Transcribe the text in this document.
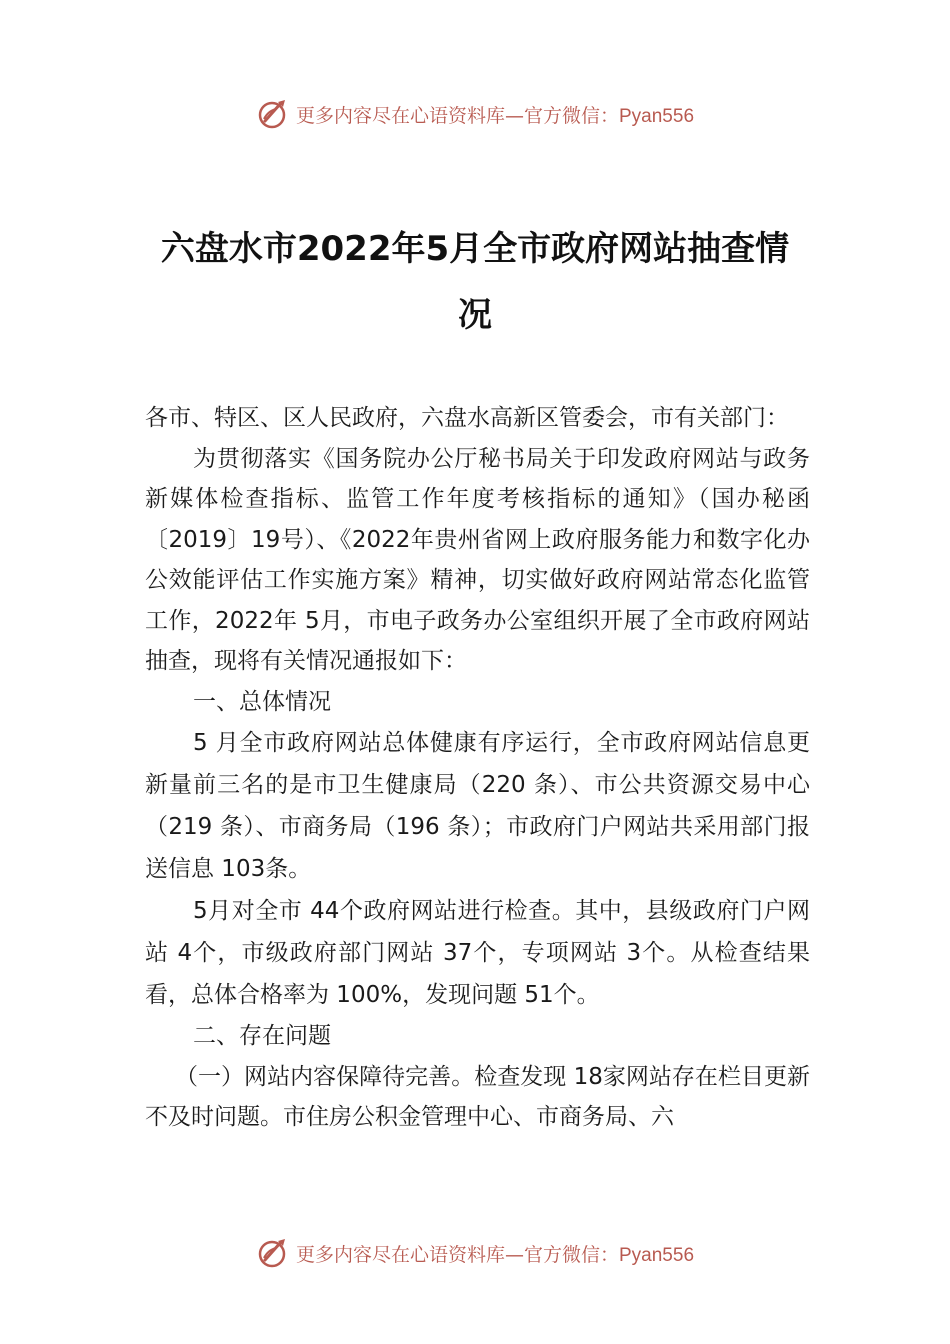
更多内容尽在心语资料库—官方微信：Pyan556
六盘水市2022年5月全市政府网站抽查情况

各市、特区、区人民政府，六盘水高新区管委会，市有关部门：

为贯彻落实《国务院办公厅秘书局关于印发政府网站与政务新媒体检查指标、监管工作年度考核指标的通知》（国办秘函〔2019〕19号）、《2022年贵州省网上政府服务能力和数字化办公效能评估工作实施方案》精神，切实做好政府网站常态化监管工作，2022年 5月，市电子政务办公室组织开展了全市政府网站抽查，现将有关情况通报如下：

一、总体情况

5 月全市政府网站总体健康有序运行，全市政府网站信息更新量前三名的是市卫生健康局（220 条）、市公共资源交易中心（219 条）、市商务局（196 条）；市政府门户网站共采用部门报送信息 103条。

5月对全市 44个政府网站进行检查。其中，县级政府门户网站 4个，市级政府部门网站 37个，专项网站 3个。从检查结果看，总体合格率为 100%，发现问题 51个。

二、存在问题

（一）网站内容保障待完善。检查发现 18家网站存在栏目更新不及时问题。市住房公积金管理中心、市商务局、六

更多内容尽在心语资料库—官方微信：Pyan556
